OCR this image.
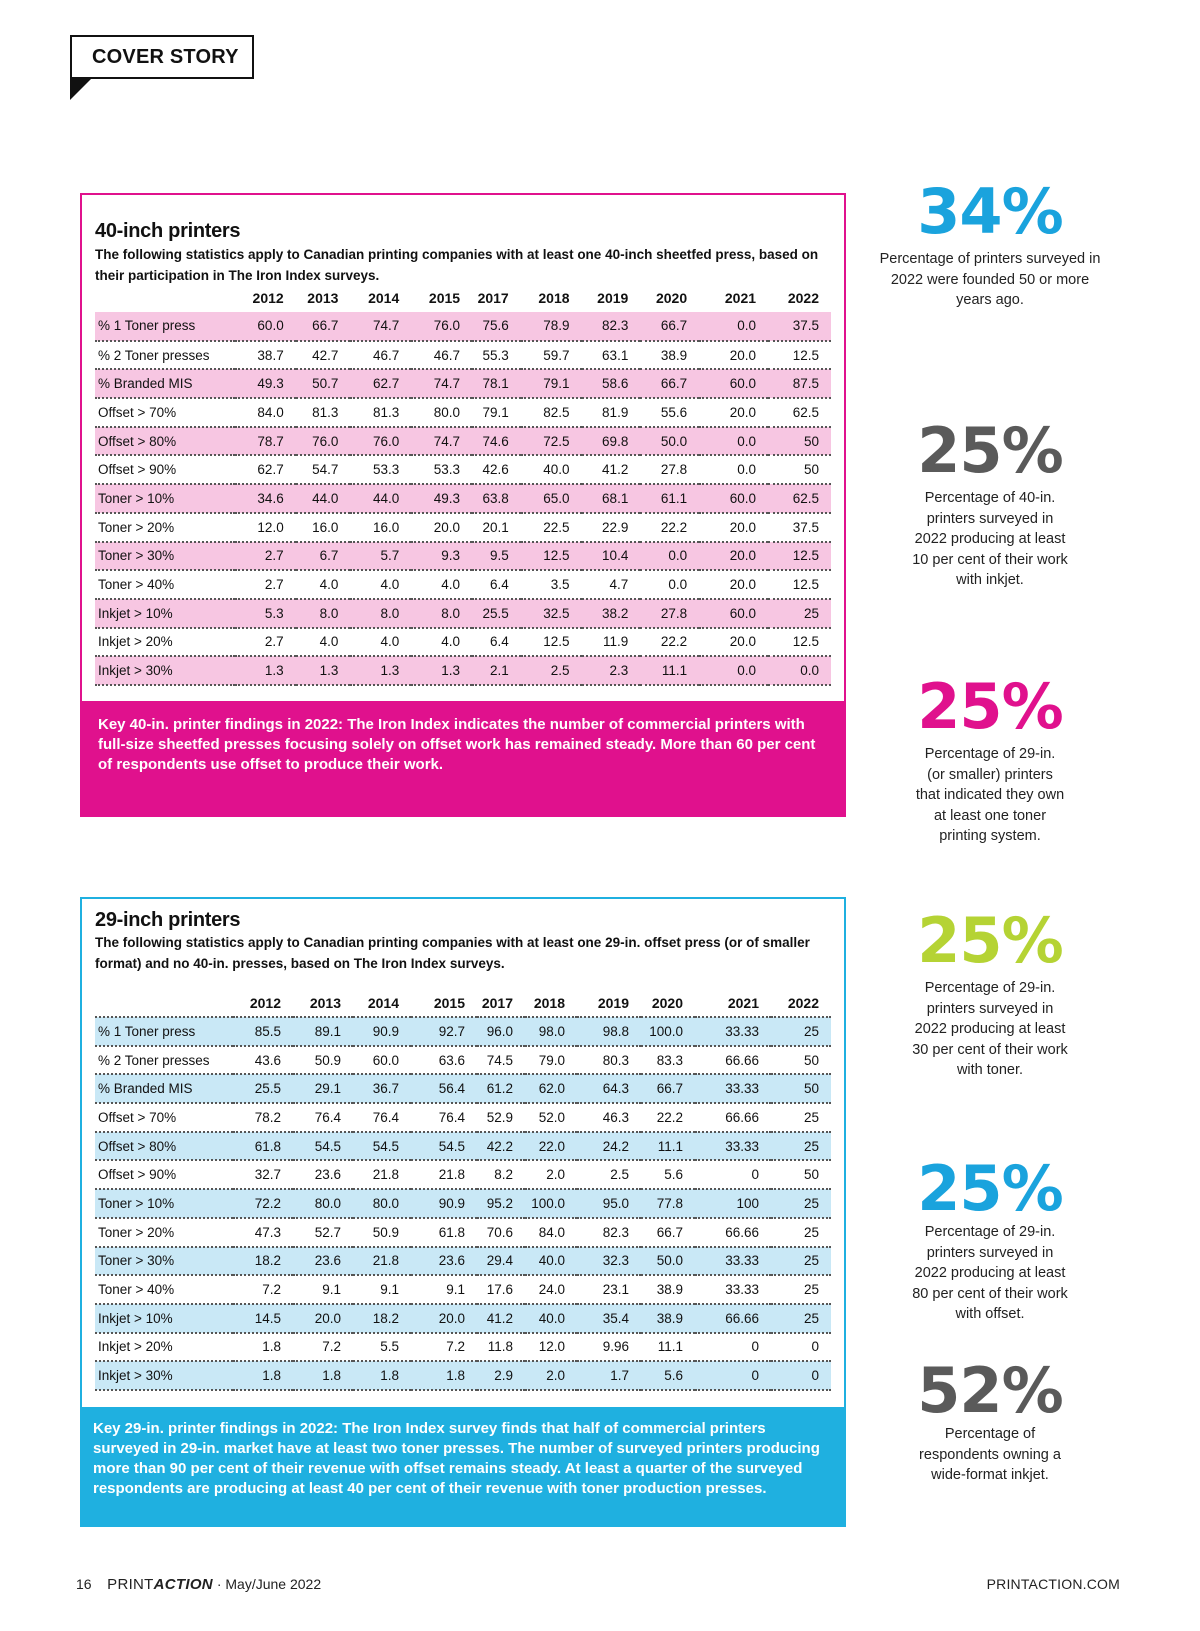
COVER STORY
40-inch printers
The following statistics apply to Canadian printing companies with at least one 40-inch sheetfed press, based on their participation in The Iron Index surveys.
	2012	2013	2014	2015	2017	2018	2019	2020	2021	2022
% 1 Toner press	60.0	66.7	74.7	76.0	75.6	78.9	82.3	66.7	0.0	37.5
% 2 Toner presses	38.7	42.7	46.7	46.7	55.3	59.7	63.1	38.9	20.0	12.5
% Branded MIS	49.3	50.7	62.7	74.7	78.1	79.1	58.6	66.7	60.0	87.5
Offset > 70%	84.0	81.3	81.3	80.0	79.1	82.5	81.9	55.6	20.0	62.5
Offset > 80%	78.7	76.0	76.0	74.7	74.6	72.5	69.8	50.0	0.0	50
Offset > 90%	62.7	54.7	53.3	53.3	42.6	40.0	41.2	27.8	0.0	50
Toner > 10%	34.6	44.0	44.0	49.3	63.8	65.0	68.1	61.1	60.0	62.5
Toner > 20%	12.0	16.0	16.0	20.0	20.1	22.5	22.9	22.2	20.0	37.5
Toner > 30%	2.7	6.7	5.7	9.3	9.5	12.5	10.4	0.0	20.0	12.5
Toner > 40%	2.7	4.0	4.0	4.0	6.4	3.5	4.7	0.0	20.0	12.5
Inkjet > 10%	5.3	8.0	8.0	8.0	25.5	32.5	38.2	27.8	60.0	25
Inkjet > 20%	2.7	4.0	4.0	4.0	6.4	12.5	11.9	22.2	20.0	12.5
Inkjet > 30%	1.3	1.3	1.3	1.3	2.1	2.5	2.3	11.1	0.0	0.0
Key 40-in. printer findings in 2022: The Iron Index indicates the number of commercial printers with full-size sheetfed presses focusing solely on offset work has remained steady. More than 60 per cent of respondents use offset to produce their work.
29-inch printers
The following statistics apply to Canadian printing companies with at least one 29-in. offset press (or of smaller format) and no 40-in. presses, based on The Iron Index surveys.
	2012	2013	2014	2015	2017	2018	2019	2020	2021	2022
% 1 Toner press	85.5	89.1	90.9	92.7	96.0	98.0	98.8	100.0	33.33	25
% 2 Toner presses	43.6	50.9	60.0	63.6	74.5	79.0	80.3	83.3	66.66	50
% Branded MIS	25.5	29.1	36.7	56.4	61.2	62.0	64.3	66.7	33.33	50
Offset > 70%	78.2	76.4	76.4	76.4	52.9	52.0	46.3	22.2	66.66	25
Offset > 80%	61.8	54.5	54.5	54.5	42.2	22.0	24.2	11.1	33.33	25
Offset > 90%	32.7	23.6	21.8	21.8	8.2	2.0	2.5	5.6	0	50
Toner > 10%	72.2	80.0	80.0	90.9	95.2	100.0	95.0	77.8	100	25
Toner > 20%	47.3	52.7	50.9	61.8	70.6	84.0	82.3	66.7	66.66	25
Toner > 30%	18.2	23.6	21.8	23.6	29.4	40.0	32.3	50.0	33.33	25
Toner > 40%	7.2	9.1	9.1	9.1	17.6	24.0	23.1	38.9	33.33	25
Inkjet > 10%	14.5	20.0	18.2	20.0	41.2	40.0	35.4	38.9	66.66	25
Inkjet > 20%	1.8	7.2	5.5	7.2	11.8	12.0	9.96	11.1	0	0
Inkjet > 30%	1.8	1.8	1.8	1.8	2.9	2.0	1.7	5.6	0	0
Key 29-in. printer findings in 2022: The Iron Index survey finds that half of commercial printers surveyed in 29-in. market have at least two toner presses. The number of surveyed printers producing more than 90 per cent of their revenue with offset remains steady. At least a quarter of the surveyed respondents are producing at least 40 per cent of their revenue with toner production presses.
34%
Percentage of printers surveyed in 2022 were founded 50 or more years ago.
25%
Percentage of 40-in. printers surveyed in 2022 producing at least 10 per cent of their work with inkjet.
25%
Percentage of 29-in. (or smaller) printers that indicated they own at least one toner printing system.
25%
Percentage of 29-in. printers surveyed in 2022 producing at least 30 per cent of their work with toner.
25%
Percentage of 29-in. printers surveyed in 2022 producing at least 80 per cent of their work with offset.
52%
Percentage of respondents owning a wide-format inkjet.
16 PRINTACTION · May/June 2022	PRINTACTION.COM
